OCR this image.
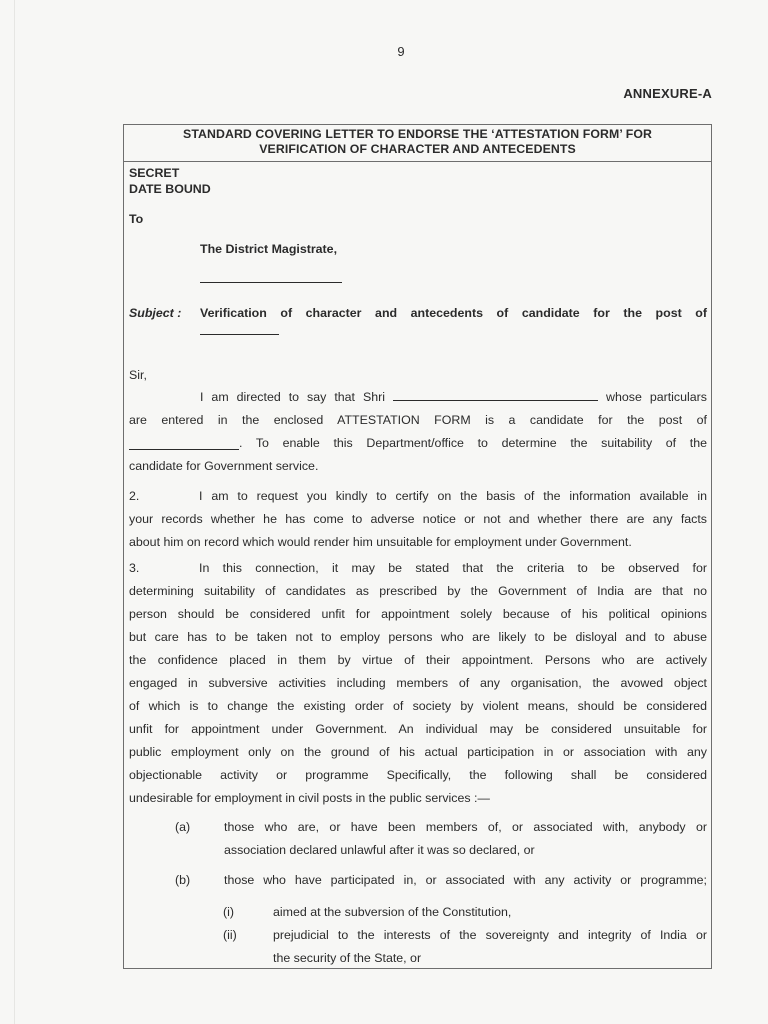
9
ANNEXURE-A
STANDARD COVERING LETTER TO ENDORSE THE ‘ATTESTATION FORM’ FOR
VERIFICATION OF CHARACTER AND ANTECEDENTS
SECRET
DATE BOUND
To
The District Magistrate,
Subject :	Verification of character and antecedents of candidate for the post of
Sir,
I am directed to say that Shri	whose particulars
are entered in the enclosed ATTESTATION FORM is a candidate for the post of
. To enable this Department/office to determine the suitability of the
candidate for Government service.
2.	I am to request you kindly to certify on the basis of the information available in
your records whether he has come to adverse notice or not and whether there are any facts
about him on record which would render him unsuitable for employment under Government.
3.	In this connection, it may be stated that the criteria to be observed for
determining suitability of candidates as prescribed by the Government of India are that no
person should be considered unfit for appointment solely because of his political opinions
but care has to be taken not to employ persons who are likely to be disloyal and to abuse
the confidence placed in them by virtue of their appointment. Persons who are actively
engaged in subversive activities including members of any organisation, the avowed object
of which is to change the existing order of society by violent means, should be considered
unfit for appointment under Government. An individual may be considered unsuitable for
public employment only on the ground of his actual participation in or association with any
objectionable activity or programme Specifically, the following shall be considered
undesirable for employment in civil posts in the public services :—
(a)	those who are, or have been members of, or associated with, anybody or
association declared unlawful after it was so declared, or
(b)	those who have participated in, or associated with any activity or programme;
(i)	aimed at the subversion of the Constitution,
(ii)	prejudicial to the interests of the sovereignty and integrity of India or
the security of the State, or
